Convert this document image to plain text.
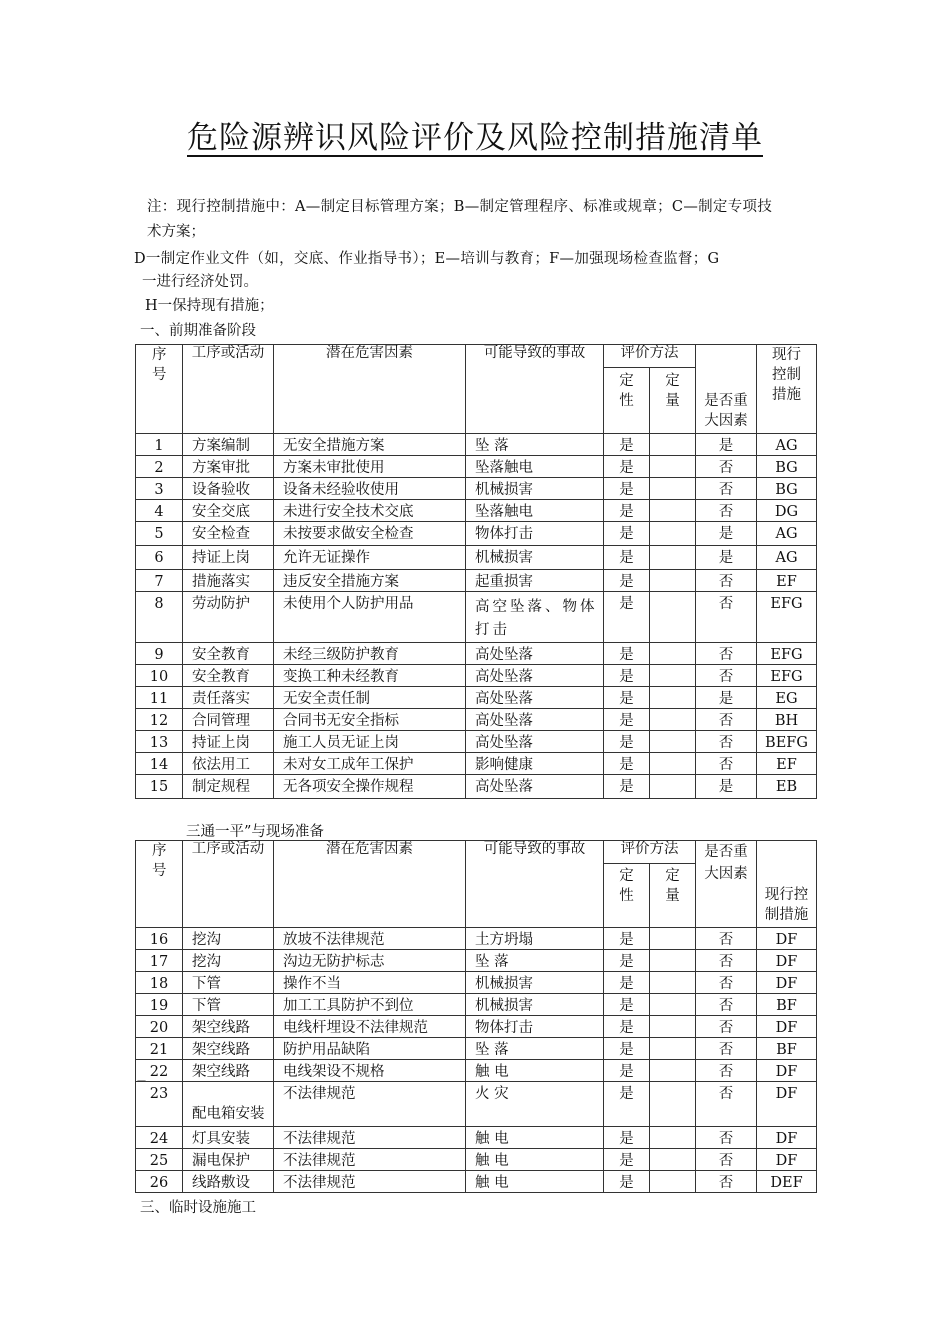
危险源辨识风险评价及风险控制措施清单
注：现行控制措施中：A—制定目标管理方案；B—制定管理程序、标准或规章；C—制定专项技
术方案；
D一制定作业文件（如，交底、作业指导书）；E—培训与教育；F—加强现场检查监督；G
一进行经济处罚。
H一保持现有措施；
一、前期准备阶段
序号	工序或活动	潜在危害因素	可能导致的事故	评价方法		是否重大因素	现行控制措施

				定性	定量		

1	方案编制	无安全措施方案	坠 落	是		是	AG
2	方案审批	方案未审批使用	坠落触电	是		否	BG
3	设备验收	设备未经验收使用	机械损害	是		否	BG
4	安全交底	未进行安全技术交底	坠落触电	是		否	DG
5	安全检查	未按要求做安全检查	物体打击	是		是	AG
6	持证上岗	允许无证操作	机械损害	是		是	AG
7	措施落实	违反安全措施方案	起重损害	是		否	EF
8	劳动防护	未使用个人防护用品	高空坠落、物体打击	是		否	EFG
9	安全教育	未经三级防护教育	高处坠落	是		否	EFG
10	安全教育	变换工种未经教育	高处坠落	是		否	EFG
11	责任落实	无安全责任制	高处坠落	是		是	EG
12	合同管理	合同书无安全指标	高处坠落	是		否	BH
13	持证上岗	施工人员无证上岗	高处坠落	是		否	BEFG
14	依法用工	未对女工成年工保护	影响健康	是		否	EF
15	制定规程	无各项安全操作规程	高处坠落	是		是	EB
三通一平”与现场准备
序号	工序或活动	潜在危害因素	可能导致的事故	评价方法		是否重大因素	现行控制措施

				定性	定量		

16	挖沟	放坡不法律规范	土方坍塌	是		否	DF
17	挖沟	沟边无防护标志	坠 落	是		否	DF
18	下管	操作不当	机械损害	是		否	DF
19	下管	加工工具防护不到位	机械损害	是		否	BF
20	架空线路	电线杆埋设不法律规范	物体打击	是		否	DF
21	架空线路	防护用品缺陷	坠 落	是		否	BF
22	架空线路	电线架设不规格	触 电	是		否	DF
23	配电箱安装	不法律规范	火 灾	是		否	DF
24	灯具安装	不法律规范	触 电	是		否	DF
25	漏电保护	不法律规范	触 电	是		否	DF
26	线路敷设	不法律规范	触 电	是		否	DEF
—
三、临时设施施工
